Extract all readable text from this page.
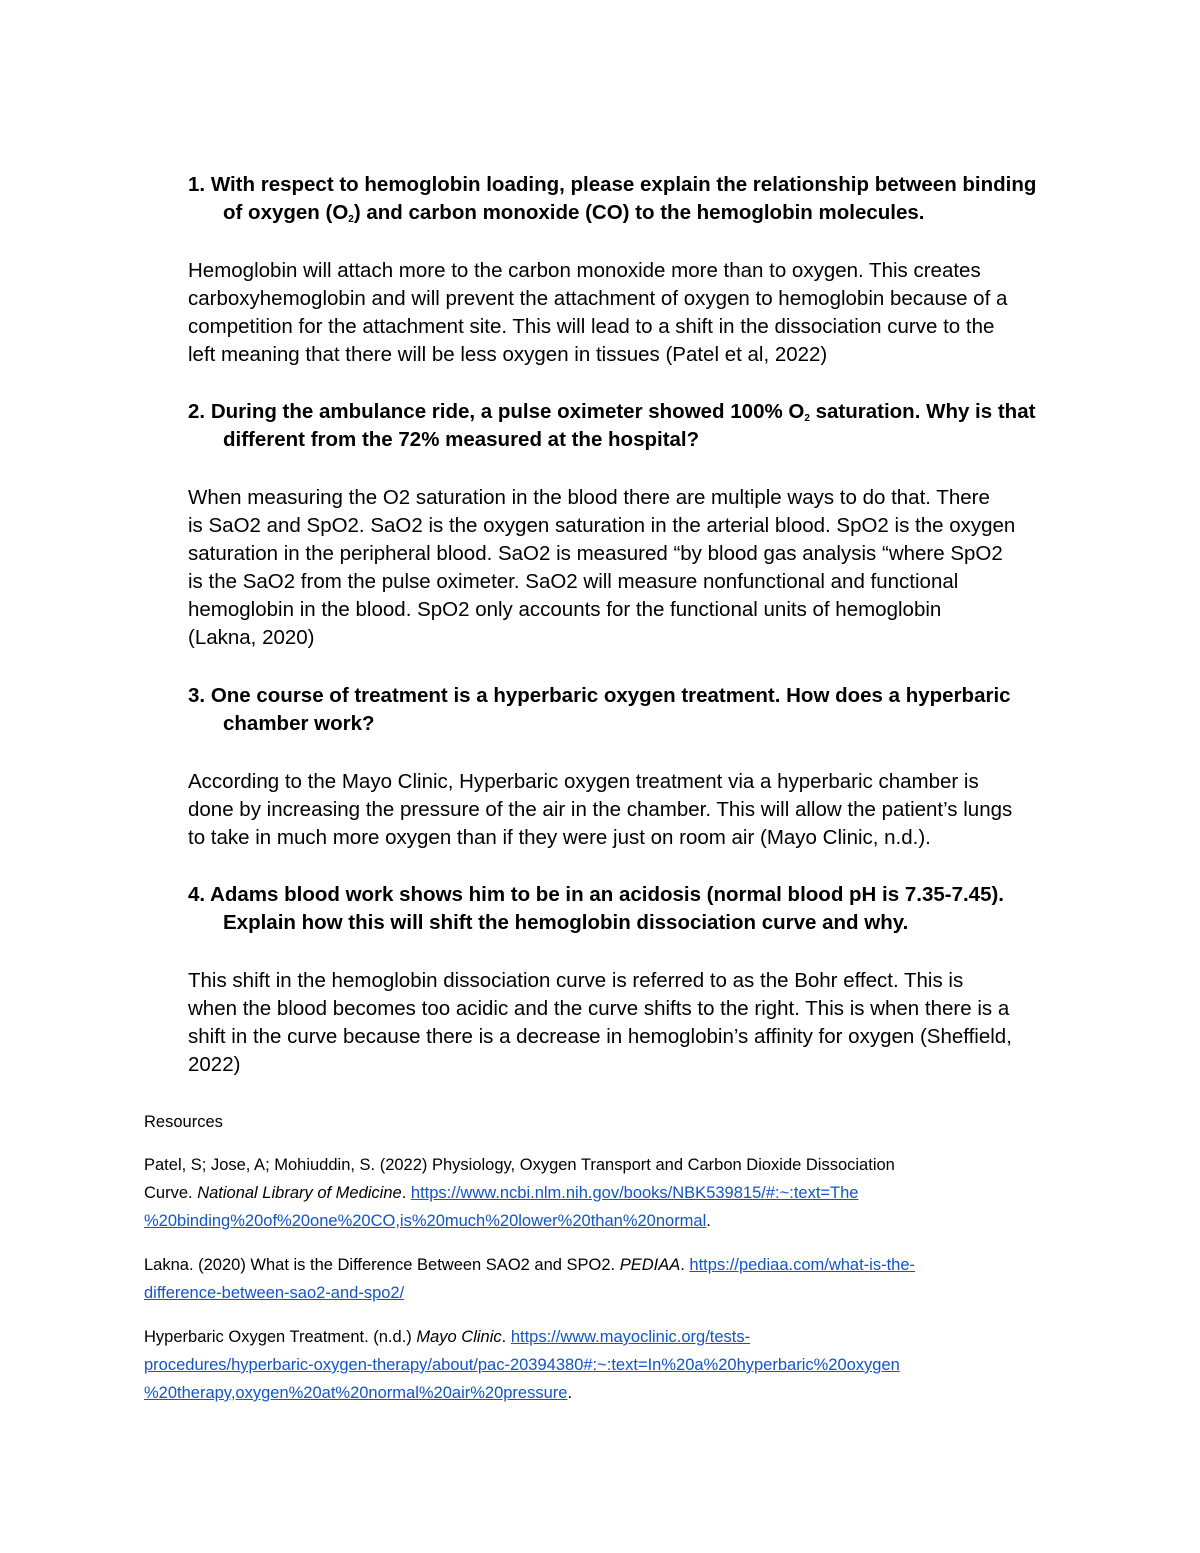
1. With respect to hemoglobin loading, please explain the relationship between binding
of oxygen $(O_2)$ and carbon monoxide (CO) to the hemoglobin molecules.
Hemoglobin will attach more to the carbon monoxide more than to oxygen. This creates
carboxyhemoglobin and will prevent the attachment of oxygen to hemoglobin because of a
competition for the attachment site. This will lead to a shift in the dissociation curve to the
left meaning that there will be less oxygen in tissues (Patel et al, 2022)
2. During the ambulance ride, a pulse oximeter showed 100% $O_2$ saturation. Why is that
different from the 72% measured at the hospital?
When measuring the O2 saturation in the blood there are multiple ways to do that. There
is SaO2 and SpO2. SaO2 is the oxygen saturation in the arterial blood. SpO2 is the oxygen
saturation in the peripheral blood. SaO2 is measured “by blood gas analysis “where SpO2
is the SaO2 from the pulse oximeter. SaO2 will measure nonfunctional and functional
hemoglobin in the blood. SpO2 only accounts for the functional units of hemoglobin
(Lakna, 2020)
3. One course of treatment is a hyperbaric oxygen treatment. How does a hyperbaric
chamber work?
According to the Mayo Clinic, Hyperbaric oxygen treatment via a hyperbaric chamber is
done by increasing the pressure of the air in the chamber. This will allow the patient’s lungs
to take in much more oxygen than if they were just on room air (Mayo Clinic, n.d.).
4. Adams blood work shows him to be in an acidosis (normal blood pH is 7.35-7.45).
Explain how this will shift the hemoglobin dissociation curve and why.
This shift in the hemoglobin dissociation curve is referred to as the Bohr effect. This is
when the blood becomes too acidic and the curve shifts to the right. This is when there is a
shift in the curve because there is a decrease in hemoglobin’s affinity for oxygen (Sheffield,
2022)
Resources
Patel, S; Jose, A; Mohiuddin, S. (2022) Physiology, Oxygen Transport and Carbon Dioxide Dissociation
Curve. National Library of Medicine. https://www.ncbi.nlm.nih.gov/books/NBK539815/#:~:text=The
%20binding%20of%20one%20CO,is%20much%20lower%20than%20normal.
Lakna. (2020) What is the Difference Between SAO2 and SPO2. PEDIAA. https://pediaa.com/what-is-the-
difference-between-sao2-and-spo2/
Hyperbaric Oxygen Treatment. (n.d.) Mayo Clinic. https://www.mayoclinic.org/tests-
procedures/hyperbaric-oxygen-therapy/about/pac-20394380#:~:text=In%20a%20hyperbaric%20oxygen
%20therapy,oxygen%20at%20normal%20air%20pressure.
